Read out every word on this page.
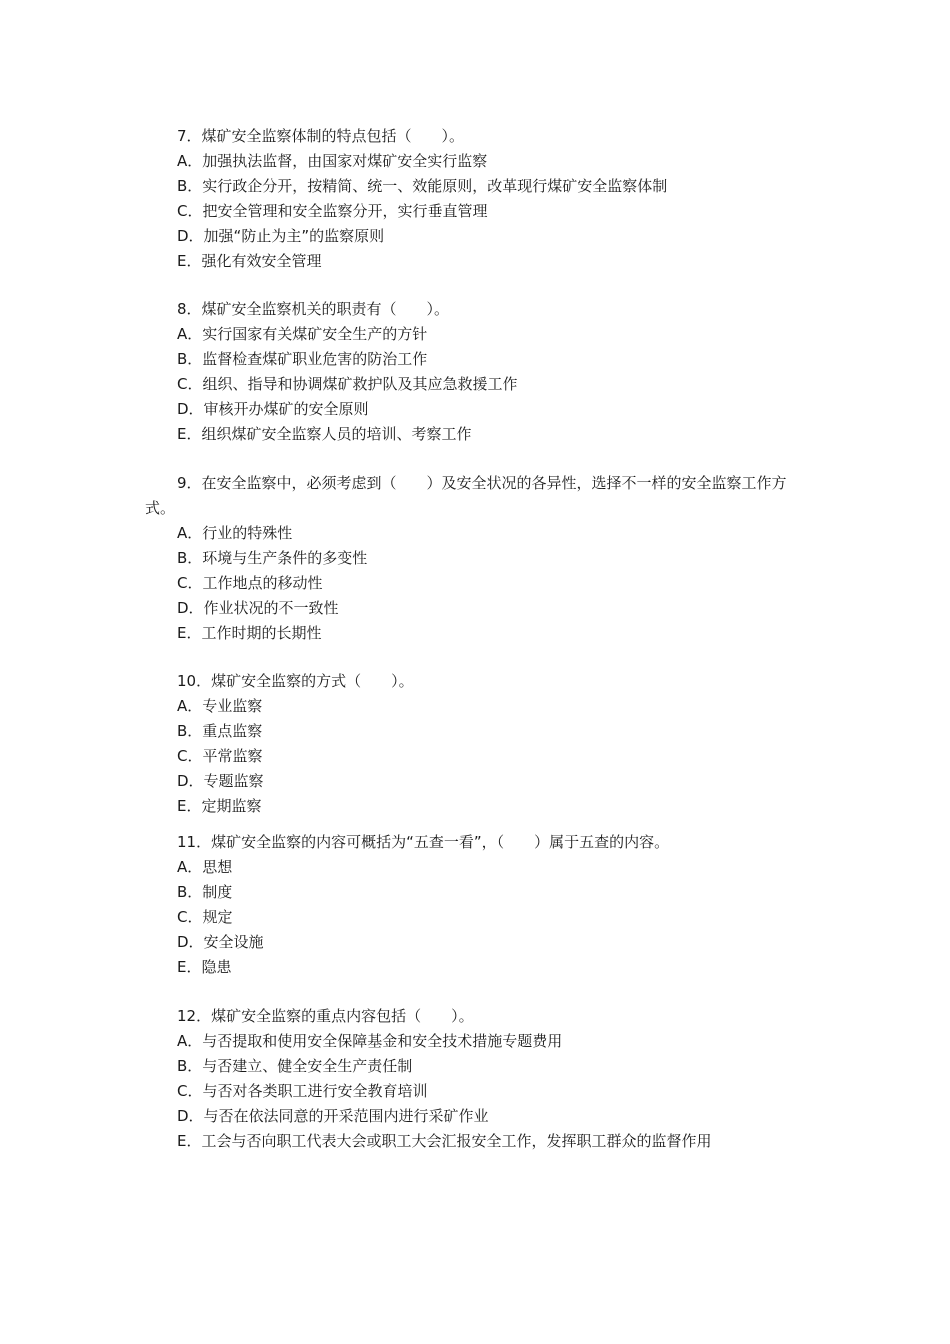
7．煤矿安全监察体制的特点包括（　　）。

A．加强执法监督，由国家对煤矿安全实行监察
B．实行政企分开，按精简、统一、效能原则，改革现行煤矿安全监察体制
C．把安全管理和安全监察分开，实行垂直管理
D．加强“防止为主”的监察原则
E．强化有效安全管理

8．煤矿安全监察机关的职责有（　　）。

A．实行国家有关煤矿安全生产的方针
B．监督检查煤矿职业危害的防治工作
C．组织、指导和协调煤矿救护队及其应急救援工作
D．审核开办煤矿的安全原则
E．组织煤矿安全监察人员的培训、考察工作

9．在安全监察中，必须考虑到（　　）及安全状况的各异性，选择不一样的安全监察工作方式。

A．行业的特殊性
B．环境与生产条件的多变性
C．工作地点的移动性
D．作业状况的不一致性
E．工作时期的长期性

10．煤矿安全监察的方式（　　）。

A．专业监察
B．重点监察
C．平常监察
D．专题监察
E．定期监察

11．煤矿安全监察的内容可概括为“五查一看”，（　　）属于五查的内容。

A．思想
B．制度
C．规定
D．安全设施
E．隐患

12．煤矿安全监察的重点内容包括（　　）。

A．与否提取和使用安全保障基金和安全技术措施专题费用
B．与否建立、健全安全生产责任制
C．与否对各类职工进行安全教育培训
D．与否在依法同意的开采范围内进行采矿作业
E．工会与否向职工代表大会或职工大会汇报安全工作，发挥职工群众的监督作用
